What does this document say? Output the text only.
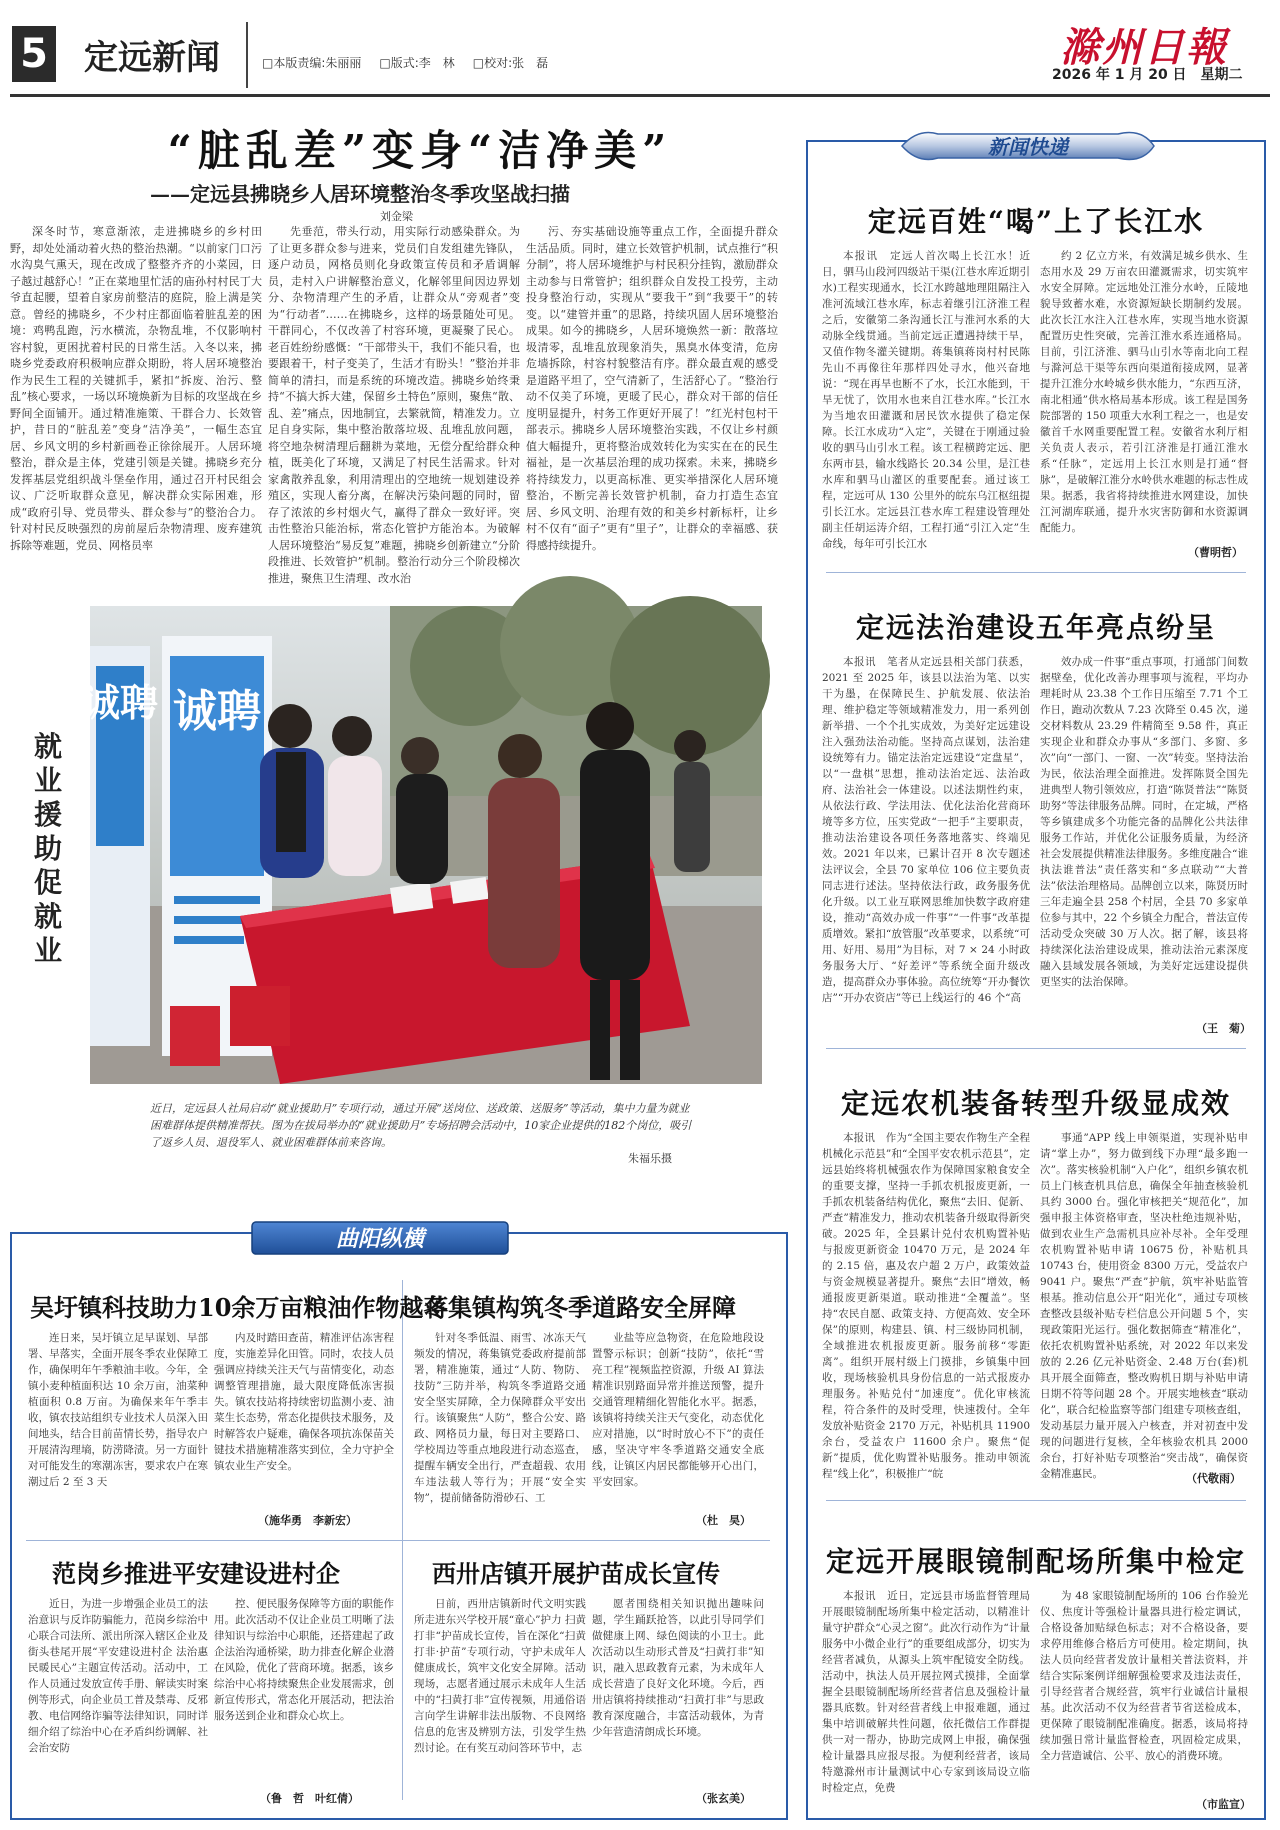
5 定远新闻	□本版责编:朱丽丽 □版式:李　林 □校对:张　磊	滁州日報
2026 年 1 月 20 日　星期二
“脏乱差”变身“洁净美”
——定远县拂晓乡人居环境整治冬季攻坚战扫描
刘金梁
深冬时节，寒意渐浓，走进拂晓乡的乡村田野，却处处涌动着火热的整治热潮。“以前家门口污水沟臭气熏天，现在改成了整整齐齐的小菜园，日子越过越舒心！”正在菜地里忙活的庙孙村村民丁大爷直起腰，望着自家房前整洁的庭院，脸上满是笑意。曾经的拂晓乡，不少村庄都面临着脏乱差的困境：鸡鸭乱跑，污水横流，杂物乱堆，不仅影响村容村貌，更困扰着村民的日常生活。入冬以来，拂晓乡党委政府积极响应群众期盼，将人居环境整治作为民生工程的关键抓手，紧扣“拆废、治污、整乱”核心要求，一场以环境焕新为目标的攻坚战在乡野间全面铺开。通过精准施策、干群合力、长效管护，昔日的“脏乱差”变身“洁净美”，一幅生态宜居、乡风文明的乡村新画卷正徐徐展开。人居环境整治，群众是主体，党建引领是关键。拂晓乡充分发挥基层党组织战斗堡垒作用，通过召开村民组会议、广泛听取群众意见，解决群众实际困难，形成“政府引导、党员带头、群众参与”的整治合力。针对村民反映强烈的房前屋后杂物清理、废弃建筑拆除等难题，党员、网格员率
先垂范，带头行动，用实际行动感染群众。为了让更多群众参与进来，党员们自发组建先锋队，逐户动员，网格员则化身政策宣传员和矛盾调解员，走村入户讲解整治意义，化解邻里间因边界划分、杂物清理产生的矛盾，让群众从“旁观者”变为“行动者”……在拂晓乡，这样的场景随处可见。干群同心，不仅改善了村容环境，更凝聚了民心。老百姓纷纷感慨：“干部带头干，我们不能只看，也要跟着干，村子变美了，生活才有盼头！”整治并非简单的清扫，而是系统的环境改造。拂晓乡始终秉持“不搞大拆大建，保留乡土特色”原则，聚焦“散、乱、差”痛点，因地制宜，去繁就简，精准发力。立足自身实际，集中整治散落垃圾、乱堆乱放问题，将空地杂树清理后翻耕为菜地，无偿分配给群众种植，既美化了环境，又满足了村民生活需求。针对家禽散养乱象，利用清理出的空地统一规划建设养殖区，实现人畜分离，在解决污染问题的同时，留存了浓浓的乡村烟火气，赢得了群众一致好评。突击性整治只能治标，常态化管护方能治本。为破解人居环境整治“易反复”难题，拂晓乡创新建立“分阶段推进、长效管护”机制。整治行动分三个阶段梯次推进，聚焦卫生清理、改水治
污、夯实基础设施等重点工作，全面提升群众生活品质。同时，建立长效管护机制，试点推行“积分制”，将人居环境维护与村民积分挂钩，激励群众主动参与日常管护；组织群众自发投工投劳，主动投身整治行动，实现从“要我干”到“我要干”的转变。以“建管并重”的思路，持续巩固人居环境整治成果。如今的拂晓乡，人居环境焕然一新：散落垃圾清零，乱堆乱放现象消失，黑臭水体变清，危房危墙拆除，村容村貌整洁有序。群众最直观的感受是道路平坦了，空气清新了，生活舒心了。“整治行动不仅美了环境，更暖了民心，群众对干部的信任度明显提升，村务工作更好开展了！”红光村包村干部表示。拂晓乡人居环境整治实践，不仅让乡村颜值大幅提升，更将整治成效转化为实实在在的民生福祉，是一次基层治理的成功探索。未来，拂晓乡将持续发力，以更高标准、更实举措深化人居环境整治，不断完善长效管护机制，奋力打造生态宜居、乡风文明、治理有效的和美乡村新标杆，让乡村不仅有“面子”更有“里子”，让群众的幸福感、获得感持续提升。
就业援助促就业
诚聘 诚聘
近日，定远县人社局启动“就业援助月”专项行动，通过开展“送岗位、送政策、送服务”等活动，集中力量为就业困难群体提供精准帮扶。图为在拔局举办的“就业援助月”专场招聘会活动中，10家企业提供的182个岗位，吸引了返乡人员、退役军人、就业困难群体前来咨询。
朱福乐摄
新闻快递
定远百姓“喝”上了长江水
本报讯　定远人首次喝上长江水！近日，驷马山段河四级站干渠(江巷水库近期引水)工程实现通水，长江水跨越地理阻隔注入准河流域江巷水库，标志着继引江济淮工程之后，安徽第二条沟通长江与淮河水系的大动脉全线贯通。当前定远正遭遇持续干旱，又值作物冬灌关键期。蒋集镇蒋岗村村民陈先山不再像往年那样四处寻水，他兴奋地说：“现在再旱也断不了水，长江水能到，干旱无忧了，饮用水也来自江巷水库。”长江水为当地农田灌溉和居民饮水提供了稳定保障。长江水成功“入定”，关键在于刚通过验收的驷马山引水工程。该工程横跨定远、肥东两市县，输水线路长 20.34 公里，是江巷水库和驷马山灌区的重要配套。通过该工程，定远可从 130 公里外的皖东乌江枢纽提引长江水。定远县江巷水库工程建设管理处副主任胡运涛介绍，工程打通“引江入定”生命线，每年可引长江水
约 2 亿立方米，有效满足城乡供水、生态用水及 29 万亩农田灌溉需求，切实筑牢水安全屏障。定远地处江淮分水岭，丘陵地貌导致蓄水难，水资源短缺长期制约发展。此次长江水注入江巷水库，实现当地水资源配置历史性突破，完善江淮水系连通格局。目前，引江济淮、驷马山引水等南北向工程与滁河总干渠等东西向渠道衔接成网，显著提升江淮分水岭城乡供水能力，“东西互济，南北相通”供水格局基本形成。该工程是国务院部署的 150 项重大水利工程之一，也是安徽首千水网重要配置工程。安徽省水利厅相关负责人表示，若引江济淮是打通江淮水系“任脉”，定远用上长江水则是打通“督脉”，是破解江淮分水岭供水难题的标志性成果。据悉，我省将持续推进水网建设，加快江河湖库联通，提升水灾害防御和水资源调配能力。
（曹明哲）
定远法治建设五年亮点纷呈
本报讯　笔者从定远县相关部门获悉，2021 至 2025 年，该县以法治为笔、以实干为墨，在保障民生、护航发展、依法治理、维护稳定等领域精准发力，用一系列创新举措、一个个扎实成效，为美好定远建设注入强劲法治动能。坚持高点谋划，法治建设统筹有力。锚定法治定远建设“定盘星”，以“一盘棋”思想，推动法治定远、法治政府、法治社会一体建设。以述法期性约束，从依法行政、学法用法、优化法治化营商环境等多方位，压实党政“一把手”主要职责，推动法治建设各项任务落地落实、终端见效。2021 年以来，已累计召开 8 次专题述法评议会，全县 70 家单位 106 位主要负责同志进行述法。坚持依法行政，政务服务优化升级。以工业互联网思维加快数字政府建设，推动“高效办成一件事”“一件事”改革提质增效。紧扣“放管服”改革要求，以系统“可用、好用、易用”为目标，对 7 × 24 小时政务服务大厅、“好差评”等系统全面升级改造，提高群众办事体验。高位统筹“开办餐饮店”“开办农资店”等已上线运行的 46 个“高
效办成一件事”重点事项，打通部门间数据壁垒，优化改善办理事项与流程，平均办理耗时从 23.38 个工作日压缩至 7.71 个工作日，跑动次数从 7.23 次降至 0.45 次，递交材料数从 23.29 件精简至 9.58 件，真正实现企业和群众办事从“多部门、多窗、多次”向“一部门、一窗、一次”转变。坚持法治为民，依法治理全面推进。发挥陈贤全国先进典型人物引领效应，打造“陈贤普法”“陈贤助努”等法律服务品牌。同时，在定城，严格等乡镇建成多个功能完备的品牌化公共法律服务工作站，并优化公证服务质量，为经济社会发展提供精准法律服务。多维度融合“谁执法谁普法”责任落实和“多点联动”“大普法”依法治理格局。品牌创立以来，陈贤历时三年走遍全县 258 个村居，全县 70 多家单位参与其中，22 个乡镇全力配合，普法宣传活动受众突破 30 万人次。据了解，该县将持续深化法治建设成果，推动法治元素深度融入县域发展各领域，为美好定远建设提供更坚实的法治保障。
（王　菊）
定远农机装备转型升级显成效
本报讯　作为“全国主要农作物生产全程机械化示范县”和“全国平安农机示范县”，定远县始终将机械强农作为保障国家粮食安全的重要支撑，坚持一手抓农机报废更新，一手抓农机装备结构优化，聚焦“去旧、促新、严查”精准发力，推动农机装备升级取得新突破。2025 年，全县累计兑付农机购置补贴与报废更新资金 10470 万元，是 2024 年的 2.15 倍，惠及农户超 2 万户，政策效益与资金规模显著提升。聚焦“去旧”增效，畅通报废更新渠道。联动推进“全覆盖”。坚持“农民自愿、政策支持、方便高效、安全环保”的原则，构建县、镇、村三级协同机制，全域推进农机报废更新。服务前移“零距离”。组织开展村级上门摸排，乡镇集中回收，现场核验机具身份信息的一站式报废办理服务。补贴兑付“加速度”。优化审核流程，符合条件的及时受理，快速拨付。全年发放补贴资金 2170 万元，补贴机具 11900 余台，受益农户 11600 余户。聚焦“促新”提质，优化购置补贴服务。推动申领流程“线上化”，积极推广“皖
事通”APP 线上申领渠道，实现补贴申请“掌上办”，努力做到线下办理“最多跑一次”。落实核验机制“入户化”，组织乡镇农机员上门核查机具信息，确保全年抽查核验机具约 3000 台。强化审核把关“规范化”，加强申报主体资格审查，坚决杜绝违规补贴，做到农业生产急需机具应补尽补。全年受理农机购置补贴申请 10675 份，补贴机具 10743 台，使用资金 8300 万元，受益农户 9041 户。聚焦“严查”护航，筑牢补贴监管根基。推动信息公开“阳光化”，通过专项核查整改县级补贴专栏信息公开问题 5 个，实现政策阳光运行。强化数据筛查“精准化”，依托农机购置补贴系统，对 2022 年以来发放的 2.26 亿元补贴资金、2.48 万台(套)机具开展全面筛查，整改购机日期与补贴申请日期不符等问题 28 个。开展实地核查“联动化”，联合纪检监察等部门组建专项核查组，发动基层力量开展入户核查，并对初查中发现的问题进行复核，全年核验农机具 2000 余台，打好补贴专项整治“突击战”，确保资金精准惠民。	（代敬雨）
定远开展眼镜制配场所集中检定
本报讯　近日，定远县市场监督管理局开展眼镜制配场所集中检定活动，以精准计量守护群众“心灵之窗”。此次行动作为“计量服务中小微企业行”的重要组成部分，切实为经营者减负，从源头上筑牢配镜安全防线。活动中，执法人员开展拉网式摸排，全面掌握全县眼镜制配场所经营者信息及强检计量器具底数。针对经营者线上申报难题，通过集中培训破解共性问题，依托微信工作群提供一对一帮办，协助完成网上申报，确保强检计量器具应报尽报。为便利经营者，该局特邀滁州市计量测试中心专家到该局设立临时检定点，免费
为 48 家眼镜制配场所的 106 台作验光仪、焦度计等强检计量器具进行检定调试，合格设备加贴绿色标志；对不合格设备，要求停用维修合格后方可使用。检定期间，执法人员向经营者发放计量相关普法资料，并结合实际案例详细解强检要求及违法责任，引导经营者合规经营，筑牢行业诚信计量根基。此次活动不仅为经营者节省送检成本，更保障了眼镜制配准确度。据悉，该局将持续加强日常计量监督检查，巩固检定成果，全力营造诚信、公平、放心的消费环境。
（市监宣）
曲阳纵横
吴圩镇科技助力10余万亩粮油作物越冬
连日来，吴圩镇立足早谋划、早部署、早落实，全面开展冬季农业保障工作，确保明年午季粮油丰收。今年，全镇小麦种植面积达 10 余万亩，油菜种植面积 0.8 万亩。为确保来年午季丰收，镇农技站组织专业技术人员深入田间地头，结合目前苗情长势，指导农户开展清沟理墒，防涝降渍。另一方面针对可能发生的寒潮冻害，要求农户在寒潮过后 2 至 3 天
内及时踏田查苗，精准评估冻害程度，实施差异化田管。同时，农技人员强调应持续关注天气与苗情变化，动态调整管理措施，最大限度降低冻害损失。镇农技站将持续密切监测小麦、油菜生长态势，常态化提供技术服务，及时解答农户疑难，确保各项抗冻保苗关键技术措施精准落实到位，全力守护全镇农业生产安全。
（施华勇　李新宏）
蒋集镇构筑冬季道路安全屏障
针对冬季低温、雨雪、冰冻天气频发的情况，蒋集镇党委政府提前部署，精准施策，通过“人防、物防、技防”三防并举，构筑冬季道路交通安全坚实屏障，全力保障群众平安出行。该镇聚焦“人防”，整合公安、路政、网格员力量，每日对主要路口、学校周边等重点地段进行动态巡查，提醒车辆安全出行，严查超载、农用车违法载人等行为；开展“安全实物”，提前储备防滑砂石、工
业盐等应急物资，在危险地段设置警示标识；创新“技防”，依托“雪亮工程”视频监控资源，升级 AI 算法精准识别路面异常并推送预警，提升交通管理精细化智能化水平。据悉，该镇将持续关注天气变化，动态优化应对措施，以“时时放心不下”的责任感，坚决守牢冬季道路交通安全底线，让镇区内居民都能够开心出门，平安回家。
（杜　昊）
范岗乡推进平安建设进村企
近日，为进一步增强企业员工的法治意识与反诈防骗能力，范岗乡综治中心联合司法所、派出所深入辖区企业及街头巷尾开展“平安建设进村企 法治惠民暖民心”主题宣传活动。活动中，工作人员通过发放宣传手册、解读实时案例等形式，向企业员工普及禁毒、反邪教、电信网络诈骗等法律知识，同时详细介绍了综治中心在矛盾纠纷调解、社会治安防
控、便民服务保障等方面的职能作用。此次活动不仅让企业员工明晰了法律知识与综治中心职能，还搭建起了政企法治沟通桥梁，助力排查化解企业潜在风险，优化了营商环境。据悉，该乡综治中心将持续聚焦企业发展需求，创新宣传形式，常态化开展活动，把法治服务送到企业和群众心坎上。
（鲁　哲　叶红倩）
西卅店镇开展护苗成长宣传
日前，西卅店镇新时代文明实践所走进东兴学校开展“童心”护力 扫黄打非“护苗成长宣传，旨在深化“扫黄打非·护苗”专项行动，守护未成年人健康成长，筑牢文化安全屏障。活动现场，志愿者通过展示未成年人生活中的“扫黄打非”宣传视频，用通俗语言向学生讲解非法出版物、不良网络信息的危害及辨别方法，引发学生热烈讨论。在有奖互动问答环节中，志
愿者围绕相关知识抛出趣味问题，学生踊跃抢答，以此引导同学们做健康上网、绿色阅读的小卫士。此次活动以生动形式普及“扫黄打非”知识，融入思政教育元素，为未成年人成长营造了良好文化环境。今后，西卅店镇将持续推动“扫黄打非”与思政教育深度融合，丰富活动载体，为青少年营造清朗成长环境。
（张玄美）
